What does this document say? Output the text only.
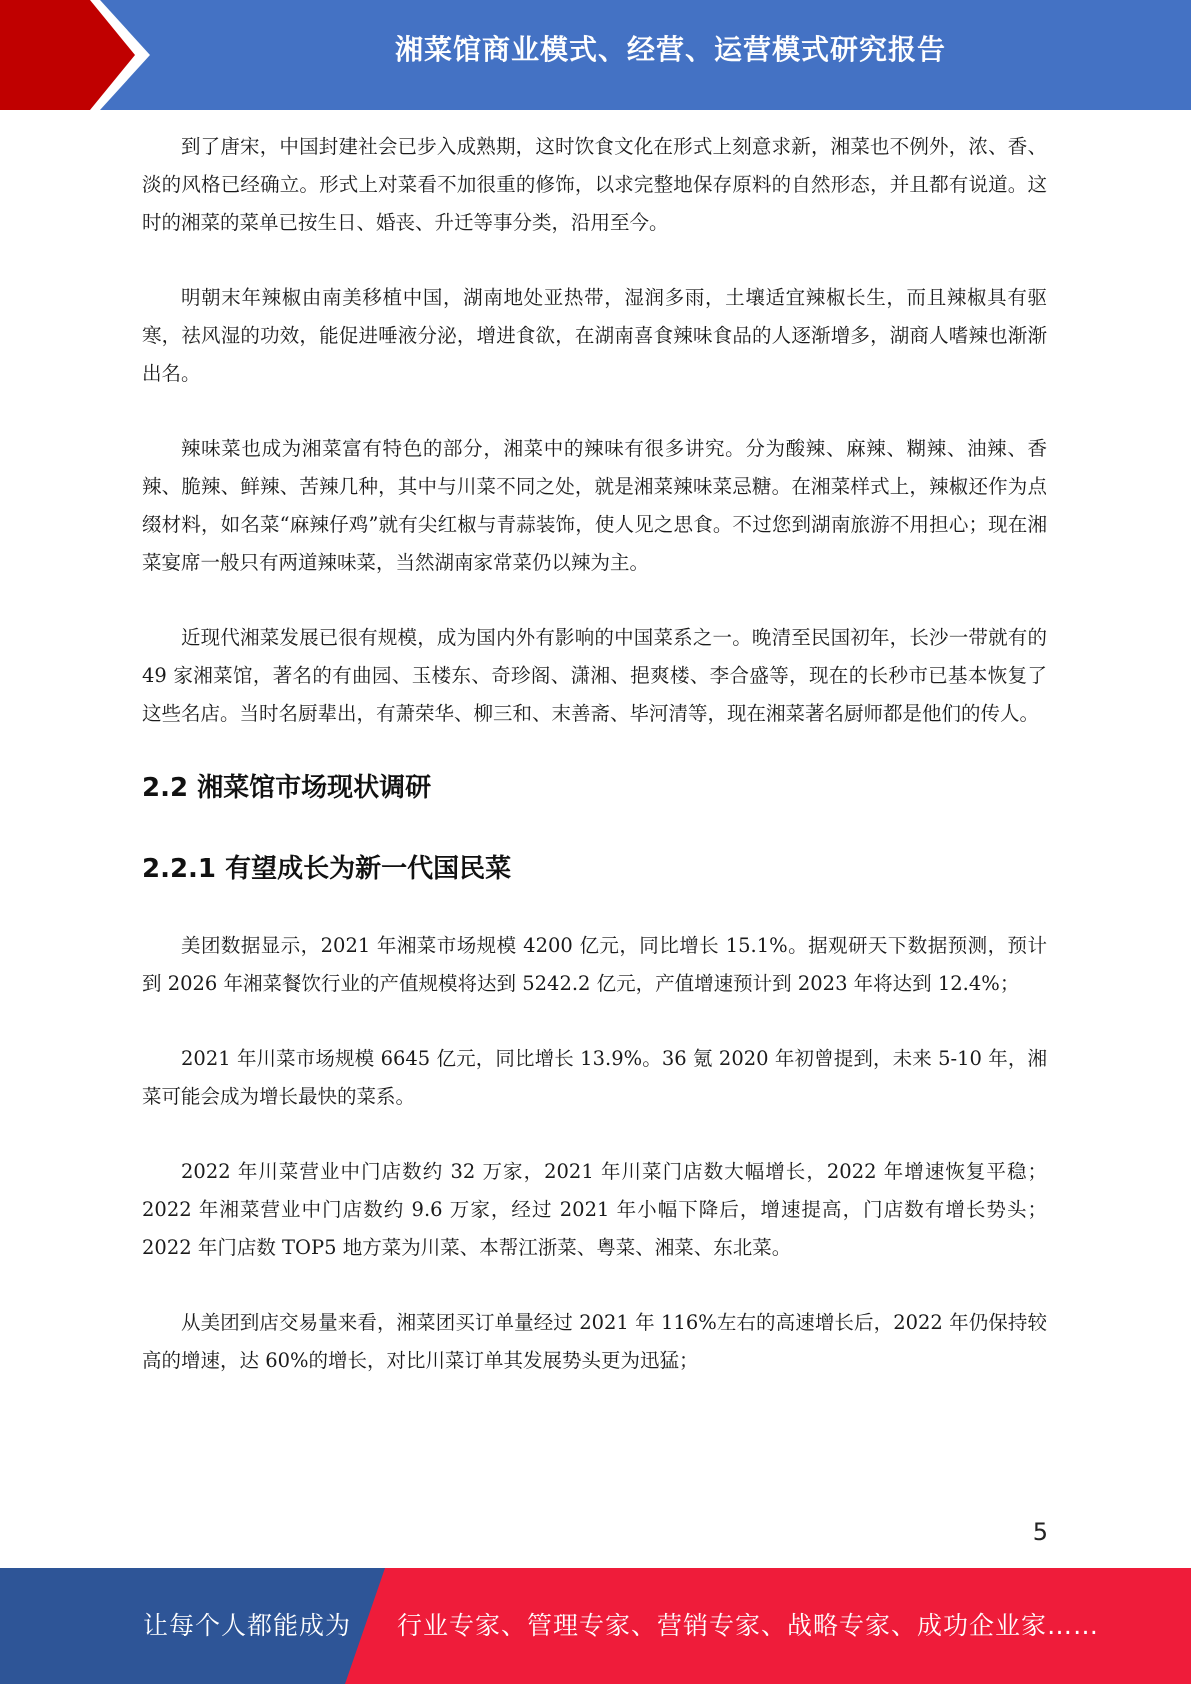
湘菜馆商业模式、经营、运营模式研究报告

到了唐宋，中国封建社会已步入成熟期，这时饮食文化在形式上刻意求新，湘菜也不例外，浓、香、淡的风格已经确立。形式上对菜看不加很重的修饰，以求完整地保存原料的自然形态，并且都有说道。这时的湘菜的菜单已按生日、婚丧、升迁等事分类，沿用至今。

明朝末年辣椒由南美移植中国，湖南地处亚热带，湿润多雨，土壤适宜辣椒长生，而且辣椒具有驱寒，祛风湿的功效，能促进唾液分泌，增进食欲，在湖南喜食辣味食品的人逐渐增多，湖商人嗜辣也渐渐出名。

辣味菜也成为湘菜富有特色的部分，湘菜中的辣味有很多讲究。分为酸辣、麻辣、糊辣、油辣、香辣、脆辣、鲜辣、苦辣几种，其中与川菜不同之处，就是湘菜辣味菜忌糖。在湘菜样式上，辣椒还作为点缀材料，如名菜“麻辣仔鸡”就有尖红椒与青蒜装饰，使人见之思食。不过您到湖南旅游不用担心；现在湘菜宴席一般只有两道辣味菜，当然湖南家常菜仍以辣为主。

近现代湘菜发展已很有规模，成为国内外有影响的中国菜系之一。晚清至民国初年，长沙一带就有的 49 家湘菜馆，著名的有曲园、玉楼东、奇珍阁、潇湘、挹爽楼、李合盛等，现在的长秒市已基本恢复了这些名店。当时名厨辈出，有萧荣华、柳三和、末善斋、毕河清等，现在湘菜著名厨师都是他们的传人。

2.2 湘菜馆市场现状调研
2.2.1 有望成长为新一代国民菜

美团数据显示，2021 年湘菜市场规模 4200 亿元，同比增长 15.1%。据观研天下数据预测，预计到 2026 年湘菜餐饮行业的产值规模将达到 5242.2 亿元，产值增速预计到 2023 年将达到 12.4%；

2021 年川菜市场规模 6645 亿元，同比增长 13.9%。36 氪 2020 年初曾提到，未来 5-10 年，湘菜可能会成为增长最快的菜系。

2022 年川菜营业中门店数约 32 万家，2021 年川菜门店数大幅增长，2022 年增速恢复平稳；2022 年湘菜营业中门店数约 9.6 万家，经过 2021 年小幅下降后，增速提高，门店数有增长势头；2022 年门店数 TOP5 地方菜为川菜、本帮江浙菜、粤菜、湘菜、东北菜。

从美团到店交易量来看，湘菜团买订单量经过 2021 年 116%左右的高速增长后，2022 年仍保持较高的增速，达 60%的增长，对比川菜订单其发展势头更为迅猛；

5
让每个人都能成为 行业专家、管理专家、营销专家、战略专家、成功企业家……
